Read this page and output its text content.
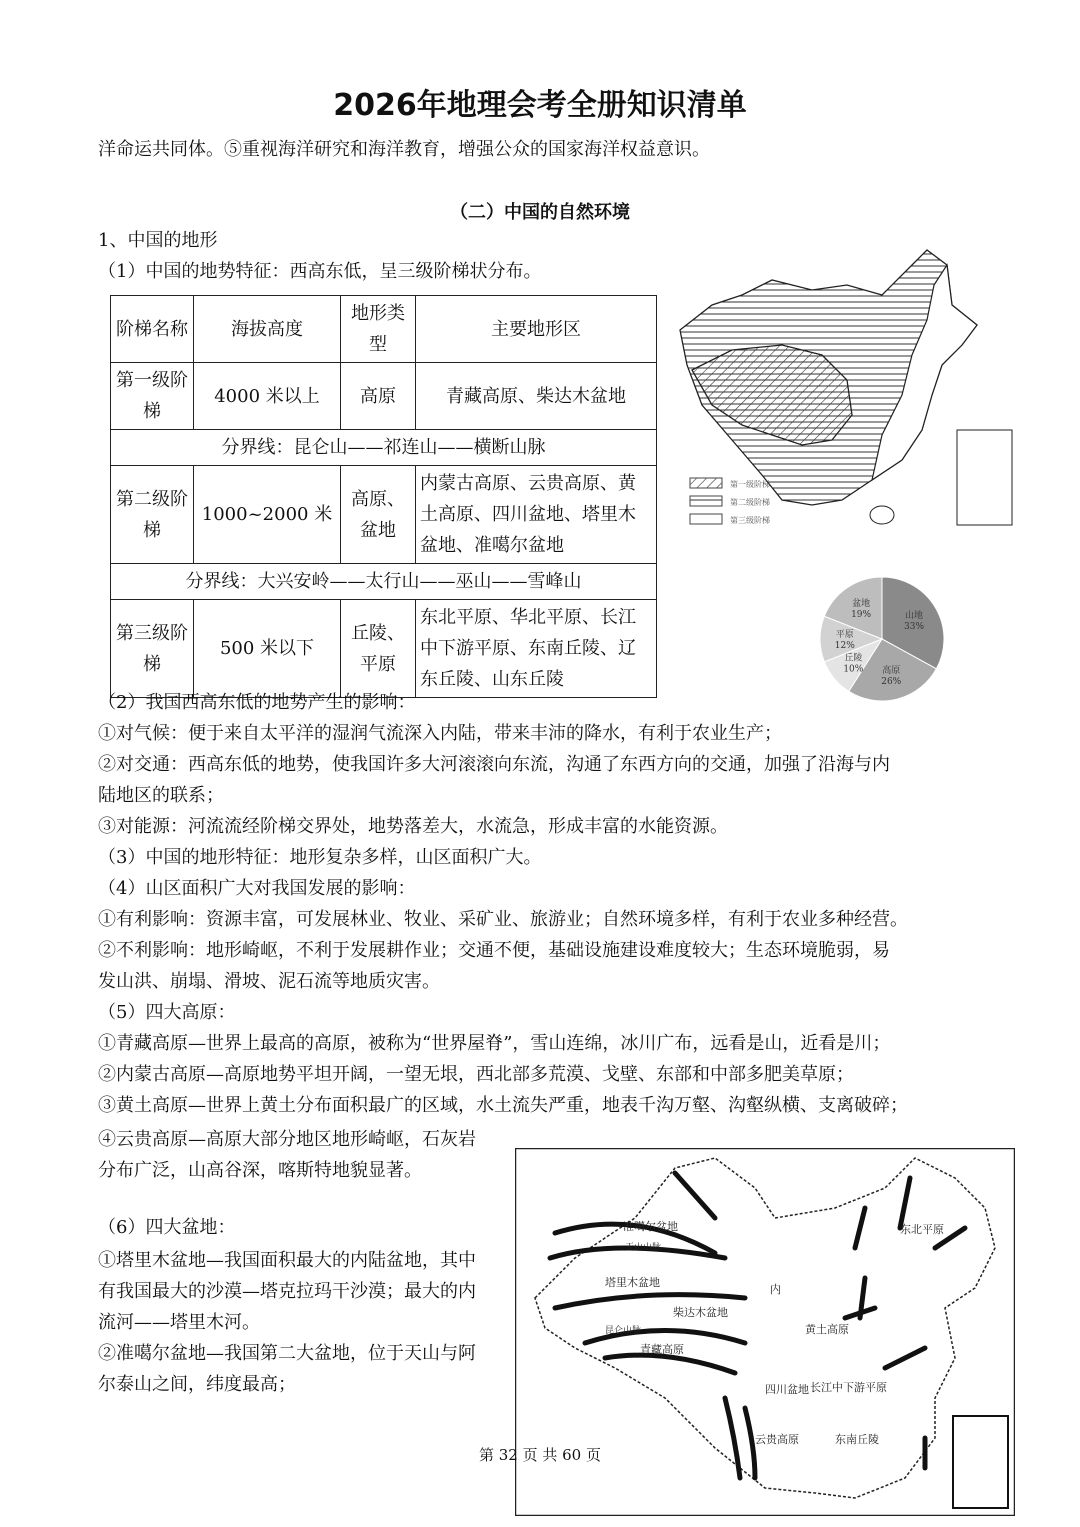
2026年地理会考全册知识清单
洋命运共同体。⑤重视海洋研究和海洋教育，增强公众的国家海洋权益意识。
（二）中国的自然环境
1、中国的地形
（1）中国的地势特征：西高东低，呈三级阶梯状分布。
阶梯名称	海拔高度	地形类型	主要地形区
第一级阶梯	4000 米以上	高原	青藏高原、柴达木盆地
分界线：昆仑山——祁连山——横断山脉			
第二级阶梯	1000~2000 米	高原、盆地	内蒙古高原、云贵高原、黄土高原、四川盆地、塔里木盆地、准噶尔盆地
分界线：大兴安岭——太行山——巫山——雪峰山			
第三级阶梯	500 米以下	丘陵、平原	东北平原、华北平原、长江中下游平原、东南丘陵、辽东丘陵、山东丘陵
第一级阶梯
第二级阶梯
第三级阶梯
山地
33%
高原
26%
丘陵
10%
平原
12%
盆地
19%
（2）我国西高东低的地势产生的影响：
①对气候：便于来自太平洋的湿润气流深入内陆，带来丰沛的降水，有利于农业生产；
②对交通：西高东低的地势，使我国许多大河滚滚向东流，沟通了东西方向的交通，加强了沿海与内
陆地区的联系；
③对能源：河流流经阶梯交界处，地势落差大，水流急，形成丰富的水能资源。
（3）中国的地形特征：地形复杂多样，山区面积广大。
（4）山区面积广大对我国发展的影响：
①有利影响：资源丰富，可发展林业、牧业、采矿业、旅游业；自然环境多样，有利于农业多种经营。
②不利影响：地形崎岖，不利于发展耕作业；交通不便，基础设施建设难度较大；生态环境脆弱，易
发山洪、崩塌、滑坡、泥石流等地质灾害。
（5）四大高原：
①青藏高原—世界上最高的高原，被称为“世界屋脊”，雪山连绵，冰川广布，远看是山，近看是川；
②内蒙古高原—高原地势平坦开阔，一望无垠，西北部多荒漠、戈壁、东部和中部多肥美草原；
③黄土高原—世界上黄土分布面积最广的区域，水土流失严重，地表千沟万壑、沟壑纵横、支离破碎；
④云贵高原—高原大部分地区地形崎岖，石灰岩
分布广泛，山高谷深，喀斯特地貌显著。
（6）四大盆地：
①塔里木盆地—我国面积最大的内陆盆地，其中
有我国最大的沙漠—塔克拉玛干沙漠；最大的内
流河——塔里木河。
②准噶尔盆地—我国第二大盆地，位于天山与阿
尔泰山之间，纬度最高；
准噶尔盆地
天山山脉
塔里木盆地
柴达木盆地
昆仑山脉
青藏高原
四川盆地
云贵高原
黄土高原
东北平原
长江中下游平原
东南丘陵
内
第 32 页 共 60 页
